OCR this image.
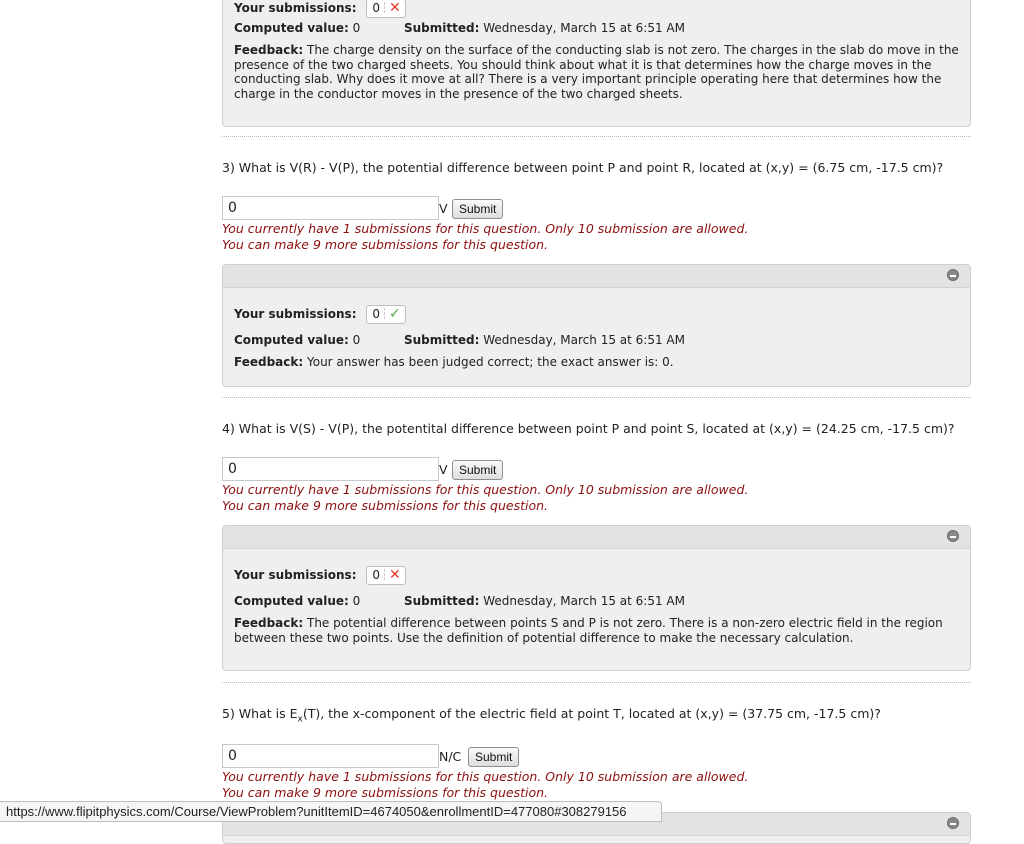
Your submissions: 0 ✕
Computed value: 0	Submitted: Wednesday, March 15 at 6:51 AM
Feedback: The charge density on the surface of the conducting slab is not zero. The charges in the slab do move in the presence of the two charged sheets. You should think about what it is that determines how the charge moves in the conducting slab. Why does it move at all? There is a very important principle operating here that determines how the charge in the conductor moves in the presence of the two charged sheets.
3) What is V(R) - V(P), the potential difference between point P and point R, located at (x,y) = (6.75 cm, -17.5 cm)?
0
V Submit
You currently have 1 submissions for this question. Only 10 submission are allowed.
You can make 9 more submissions for this question.
Your submissions: 0 ✓
Computed value: 0	Submitted: Wednesday, March 15 at 6:51 AM
Feedback: Your answer has been judged correct; the exact answer is: 0.
4) What is V(S) - V(P), the potentital difference between point P and point S, located at (x,y) = (24.25 cm, -17.5 cm)?
0
V Submit
You currently have 1 submissions for this question. Only 10 submission are allowed.
You can make 9 more submissions for this question.
Your submissions: 0 ✕
Computed value: 0	Submitted: Wednesday, March 15 at 6:51 AM
Feedback: The potential difference between points S and P is not zero. There is a non-zero electric field in the region between these two points. Use the definition of potential difference to make the necessary calculation.
5) What is $E_x(T)$, the x-component of the electric field at point T, located at (x,y) = (37.75 cm, -17.5 cm)?
0
N/C	Submit
You currently have 1 submissions for this question. Only 10 submission are allowed.
You can make 9 more submissions for this question.
https://www.flipitphysics.com/Course/ViewProblem?unitItemID=4674050&enrollmentID=477080#308279156
